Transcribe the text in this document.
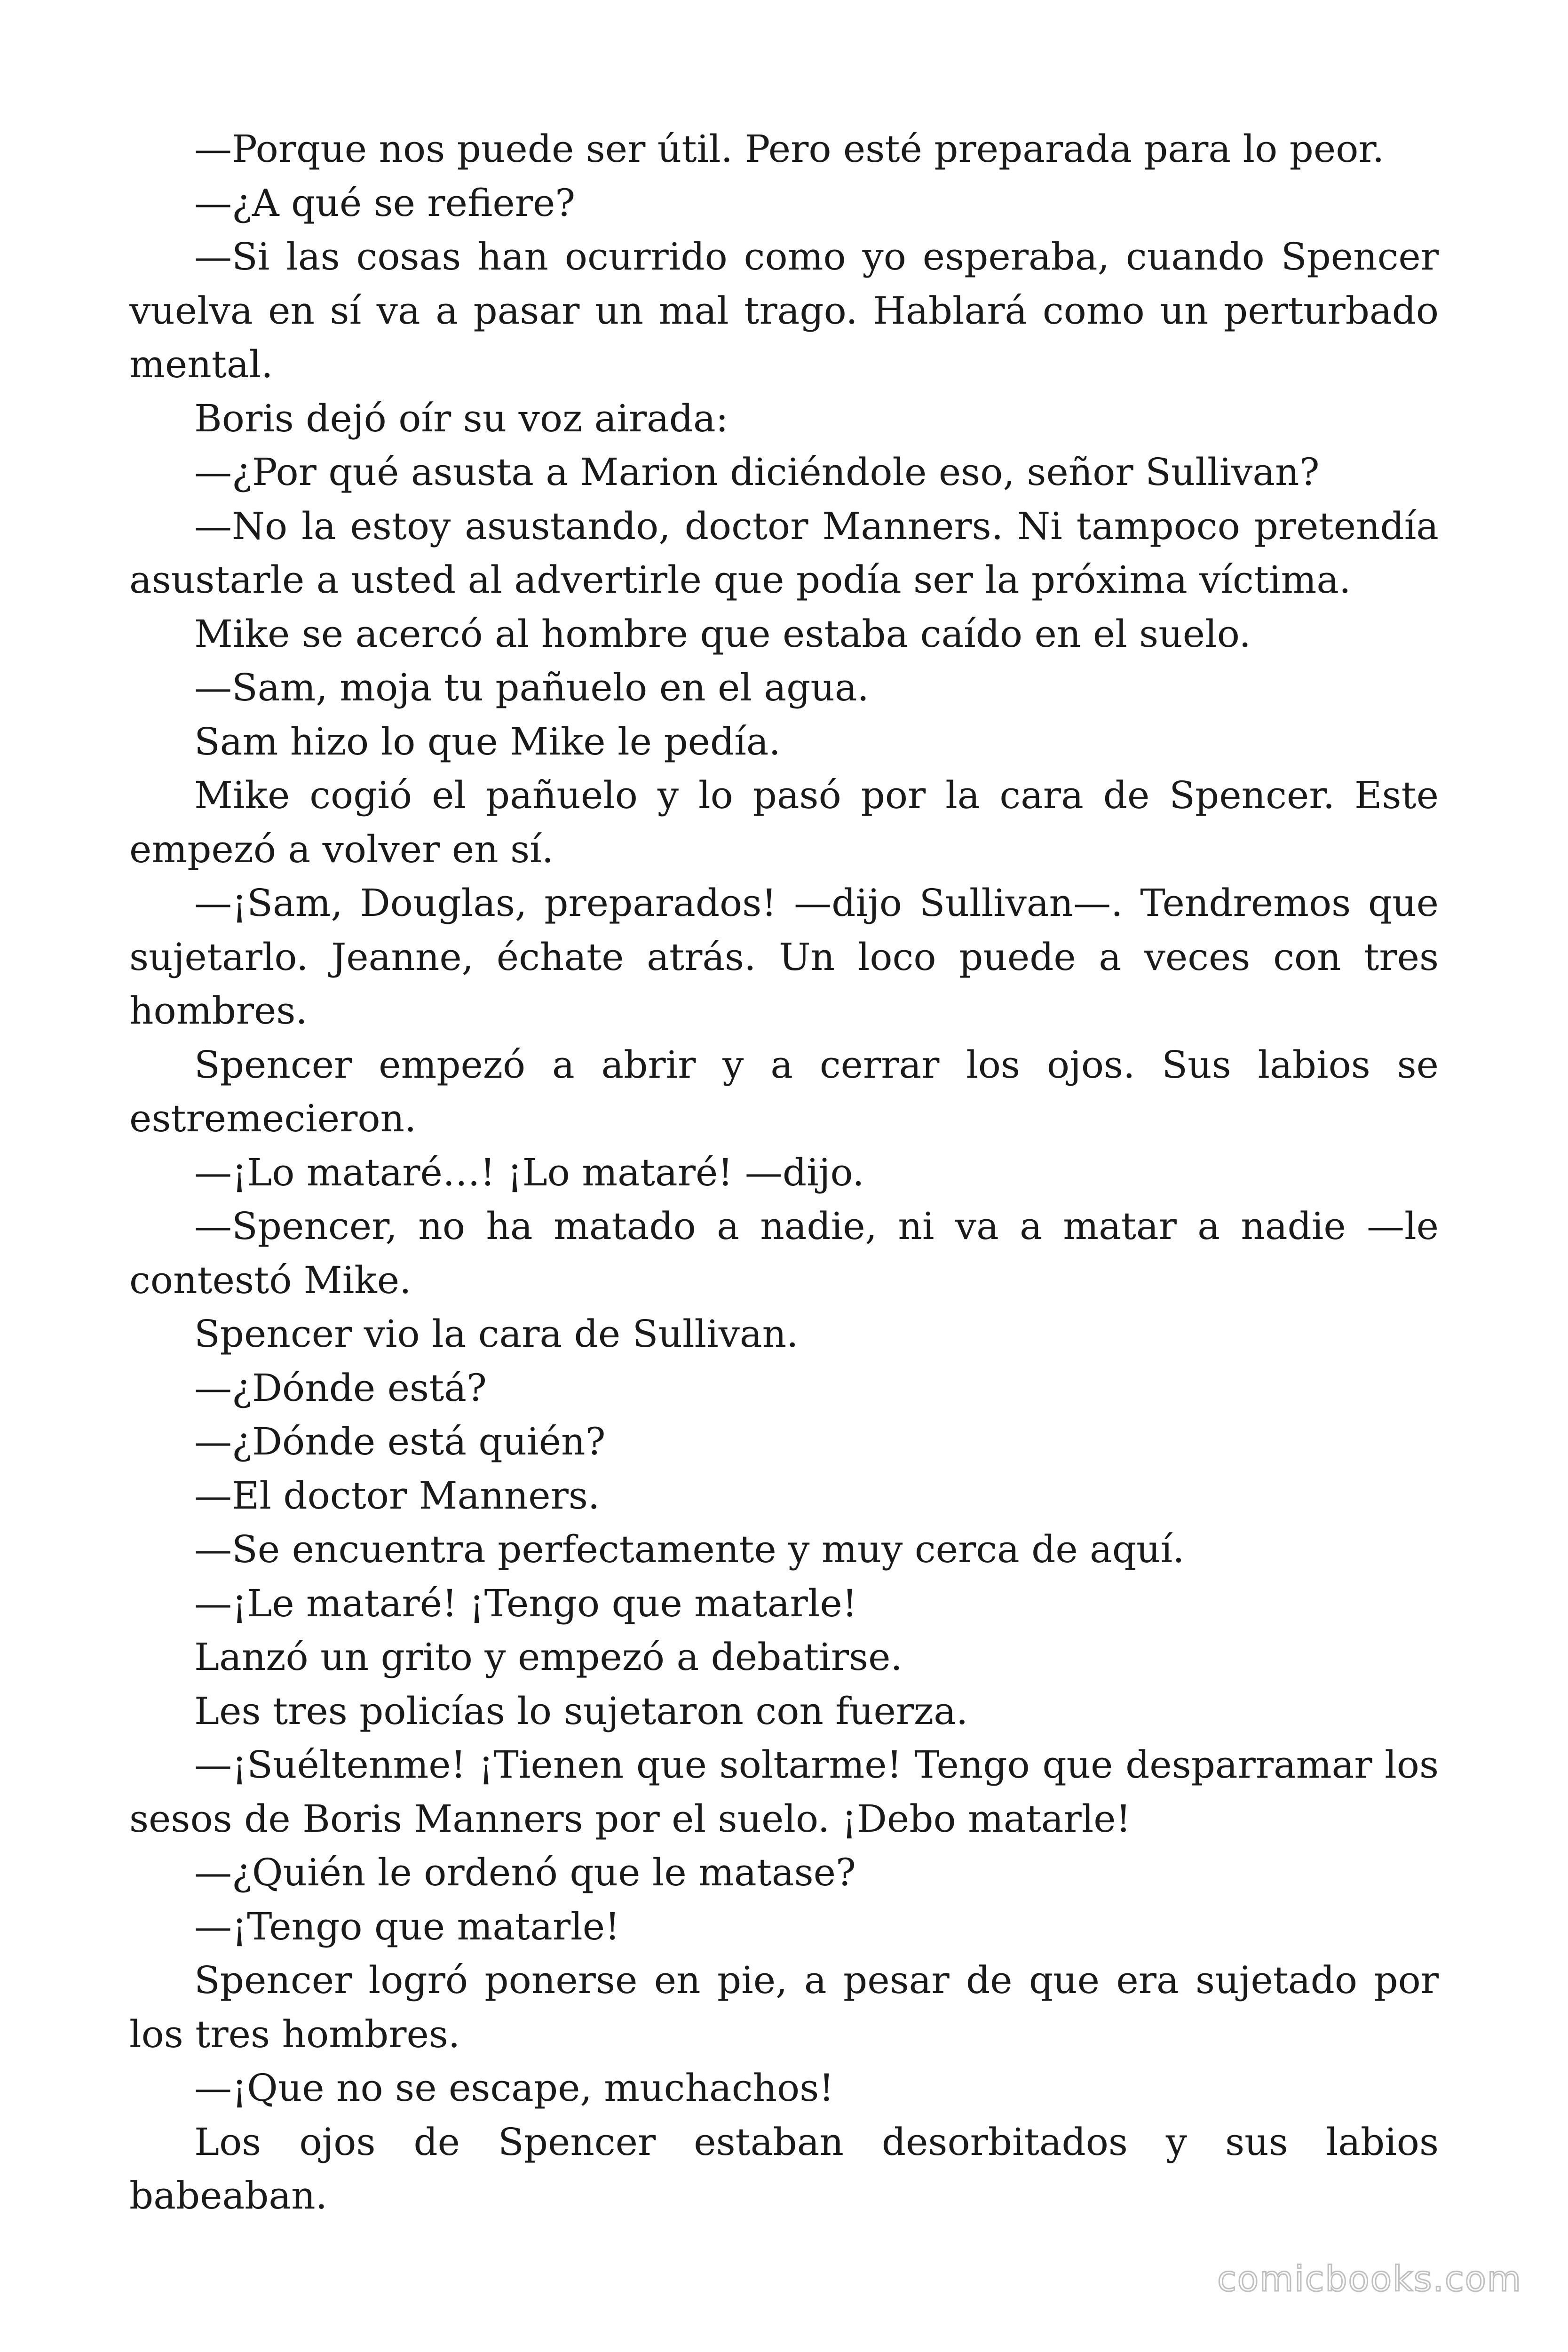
—Porque nos puede ser útil. Pero esté preparada para lo peor.

—¿A qué se refiere?

—Si las cosas han ocurrido como yo esperaba, cuando Spencer vuelva en sí va a pasar un mal trago. Hablará como un perturbado mental.

Boris dejó oír su voz airada:

—¿Por qué asusta a Marion diciéndole eso, señor Sullivan?

—No la estoy asustando, doctor Manners. Ni tampoco pretendía asustarle a usted al advertirle que podía ser la próxima víctima.

Mike se acercó al hombre que estaba caído en el suelo.

—Sam, moja tu pañuelo en el agua.

Sam hizo lo que Mike le pedía.

Mike cogió el pañuelo y lo pasó por la cara de Spencer. Este empezó a volver en sí.

—¡Sam, Douglas, preparados! —dijo Sullivan—. Tendremos que sujetarlo. Jeanne, échate atrás. Un loco puede a veces con tres hombres.

Spencer empezó a abrir y a cerrar los ojos. Sus labios se estremecieron.

—¡Lo mataré…! ¡Lo mataré! —dijo.

—Spencer, no ha matado a nadie, ni va a matar a nadie —le contestó Mike.

Spencer vio la cara de Sullivan.

—¿Dónde está?

—¿Dónde está quién?

—El doctor Manners.

—Se encuentra perfectamente y muy cerca de aquí.

—¡Le mataré! ¡Tengo que matarle!

Lanzó un grito y empezó a debatirse.

Les tres policías lo sujetaron con fuerza.

—¡Suéltenme! ¡Tienen que soltarme! Tengo que desparramar los sesos de Boris Manners por el suelo. ¡Debo matarle!

—¿Quién le ordenó que le matase?

—¡Tengo que matarle!

Spencer logró ponerse en pie, a pesar de que era sujetado por los tres hombres.

—¡Que no se escape, muchachos!

Los ojos de Spencer estaban desorbitados y sus labios babeaban.

comicbooks.com
